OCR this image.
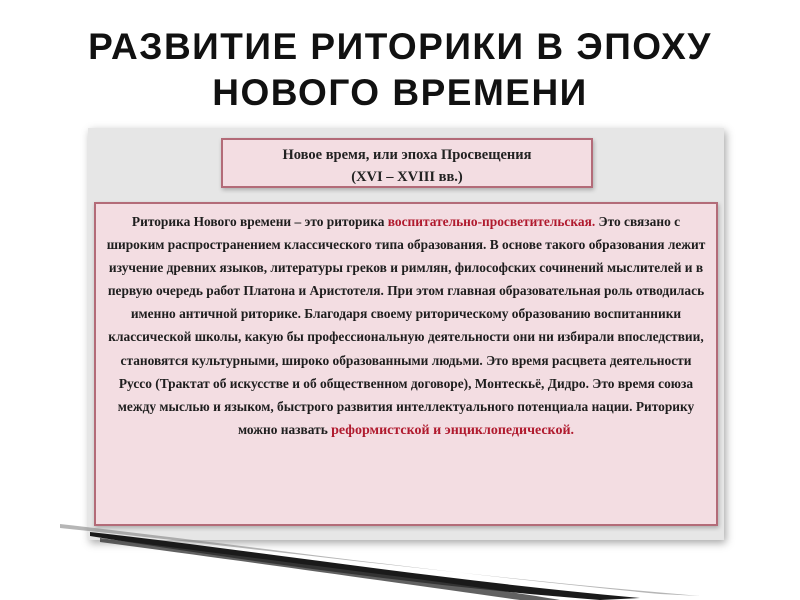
РАЗВИТИЕ РИТОРИКИ В ЭПОХУ
НОВОГО ВРЕМЕНИ
Новое время, или эпоха Просвещения
(XVI – XVIII вв.)
Риторика Нового времени – это риторика воспитательно-просветительская. Это связано с широким распространением классического типа образования. В основе такого образования лежит изучение древних языков, литературы греков и римлян, философских сочинений мыслителей и в первую очередь работ Платона и Аристотеля. При этом главная образовательная роль отводилась именно античной риторике. Благодаря своему риторическому образованию воспитанники классической школы, какую бы профессиональную деятельности они ни избирали впоследствии, становятся культурными, широко образованными людьми. Это время расцвета деятельности Руссо (Трактат об искусстве и об общественном договоре), Монтескьё, Дидро. Это время союза между мыслью и языком, быстрого развития интеллектуального потенциала нации. Риторику можно назвать реформистской и энциклопедической.
